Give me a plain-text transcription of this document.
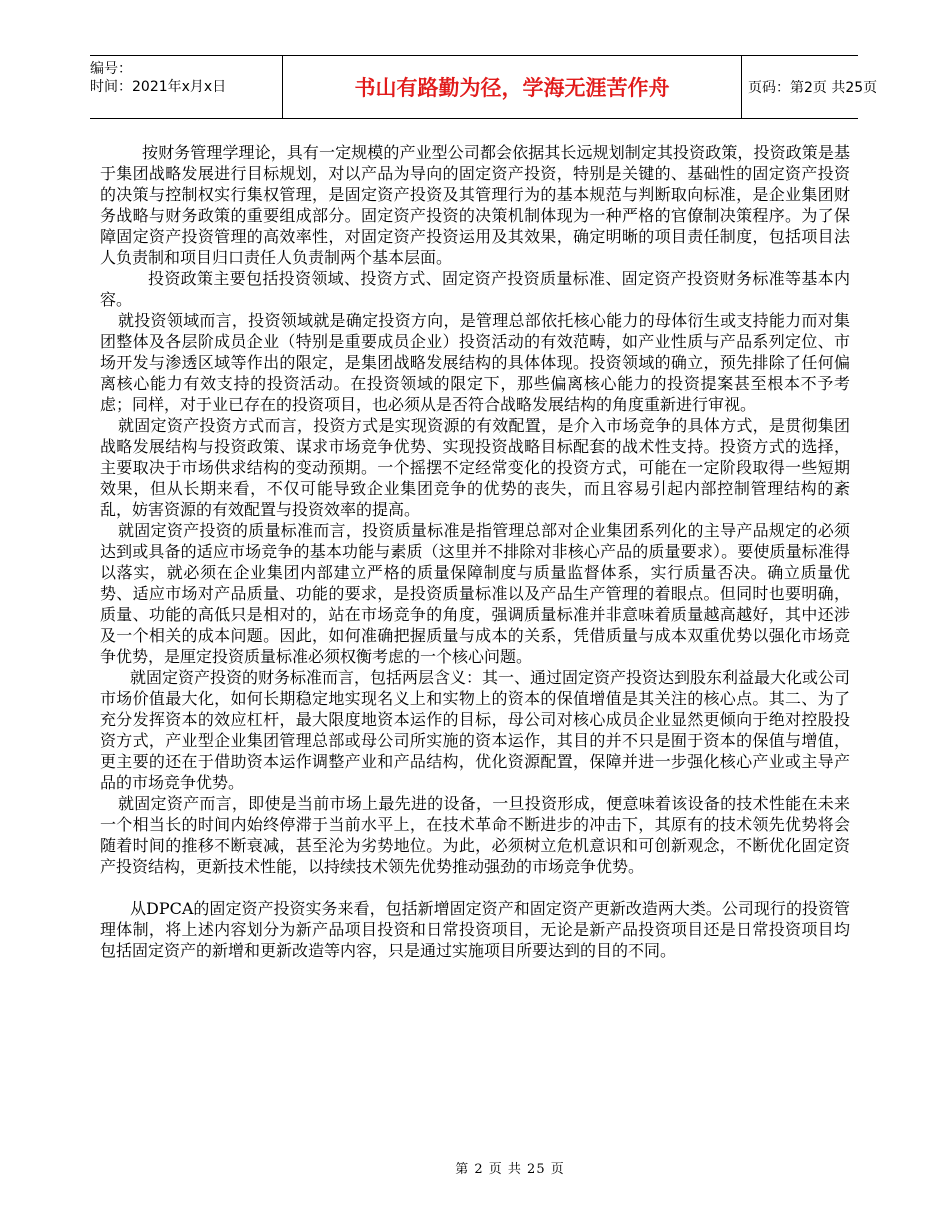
编号：
时间：2021年x月x日	书山有路勤为径，学海无涯苦作舟	页码：第2页 共25页

按财务管理学理论，具有一定规模的产业型公司都会依据其长远规划制定其投资政策，投资政策是基于集团战略发展进行目标规划，对以产品为导向的固定资产投资，特别是关键的、基础性的固定资产投资的决策与控制权实行集权管理，是固定资产投资及其管理行为的基本规范与判断取向标准，是企业集团财务战略与财务政策的重要组成部分。固定资产投资的决策机制体现为一种严格的官僚制决策程序。为了保障固定资产投资管理的高效率性，对固定资产投资运用及其效果，确定明晰的项目责任制度，包括项目法人负责制和项目归口责任人负责制两个基本层面。

投资政策主要包括投资领域、投资方式、固定资产投资质量标准、固定资产投资财务标准等基本内容。

就投资领域而言，投资领域就是确定投资方向，是管理总部依托核心能力的母体衍生或支持能力而对集团整体及各层阶成员企业（特别是重要成员企业）投资活动的有效范畴，如产业性质与产品系列定位、市场开发与渗透区域等作出的限定，是集团战略发展结构的具体体现。投资领域的确立，预先排除了任何偏离核心能力有效支持的投资活动。在投资领域的限定下，那些偏离核心能力的投资提案甚至根本不予考虑；同样，对于业已存在的投资项目，也必须从是否符合战略发展结构的角度重新进行审视。

就固定资产投资方式而言，投资方式是实现资源的有效配置，是介入市场竞争的具体方式，是贯彻集团战略发展结构与投资政策、谋求市场竞争优势、实现投资战略目标配套的战术性支持。投资方式的选择，主要取决于市场供求结构的变动预期。一个摇摆不定经常变化的投资方式，可能在一定阶段取得一些短期效果，但从长期来看，不仅可能导致企业集团竞争的优势的丧失，而且容易引起内部控制管理结构的紊乱，妨害资源的有效配置与投资效率的提高。

就固定资产投资的质量标准而言，投资质量标准是指管理总部对企业集团系列化的主导产品规定的必须达到或具备的适应市场竞争的基本功能与素质（这里并不排除对非核心产品的质量要求）。要使质量标准得以落实，就必须在企业集团内部建立严格的质量保障制度与质量监督体系，实行质量否决。确立质量优势、适应市场对产品质量、功能的要求，是投资质量标准以及产品生产管理的着眼点。但同时也要明确，质量、功能的高低只是相对的，站在市场竞争的角度，强调质量标准并非意味着质量越高越好，其中还涉及一个相关的成本问题。因此，如何准确把握质量与成本的关系，凭借质量与成本双重优势以强化市场竞争优势，是厘定投资质量标准必须权衡考虑的一个核心问题。

就固定资产投资的财务标准而言，包括两层含义：其一、通过固定资产投资达到股东利益最大化或公司市场价值最大化，如何长期稳定地实现名义上和实物上的资本的保值增值是其关注的核心点。其二、为了充分发挥资本的效应杠杆，最大限度地资本运作的目标，母公司对核心成员企业显然更倾向于绝对控股投资方式，产业型企业集团管理总部或母公司所实施的资本运作，其目的并不只是囿于资本的保值与增值，更主要的还在于借助资本运作调整产业和产品结构，优化资源配置，保障并进一步强化核心产业或主导产品的市场竞争优势。

就固定资产而言，即使是当前市场上最先进的设备，一旦投资形成，便意味着该设备的技术性能在未来一个相当长的时间内始终停滞于当前水平上，在技术革命不断进步的冲击下，其原有的技术领先优势将会随着时间的推移不断衰减，甚至沦为劣势地位。为此，必须树立危机意识和可创新观念，不断优化固定资产投资结构，更新技术性能，以持续技术领先优势推动强劲的市场竞争优势。

从DPCA的固定资产投资实务来看，包括新增固定资产和固定资产更新改造两大类。公司现行的投资管理体制，将上述内容划分为新产品项目投资和日常投资项目，无论是新产品投资项目还是日常投资项目均包括固定资产的新增和更新改造等内容，只是通过实施项目所要达到的目的不同。

第 2 页 共 25 页
